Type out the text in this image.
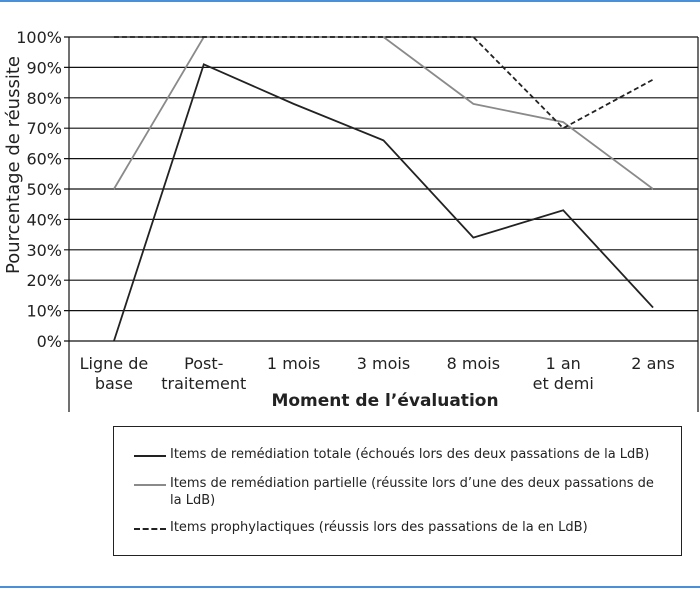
0%
10%
20%
30%
40%
50%
60%
70%
80%
90%
100%
Ligne de base
Post-traitement
1 mois 3 mois 8 mois	1 an et demi
2 ans
Pourcentage de réussite
Moment de l’évaluation
Items de remédiation totale (échoués lors des deux passations de la LdB)
Items de remédiation partielle (réussite lors d’une des deux passations de la LdB)
Items prophylactiques (réussis lors des passations de la en LdB)
